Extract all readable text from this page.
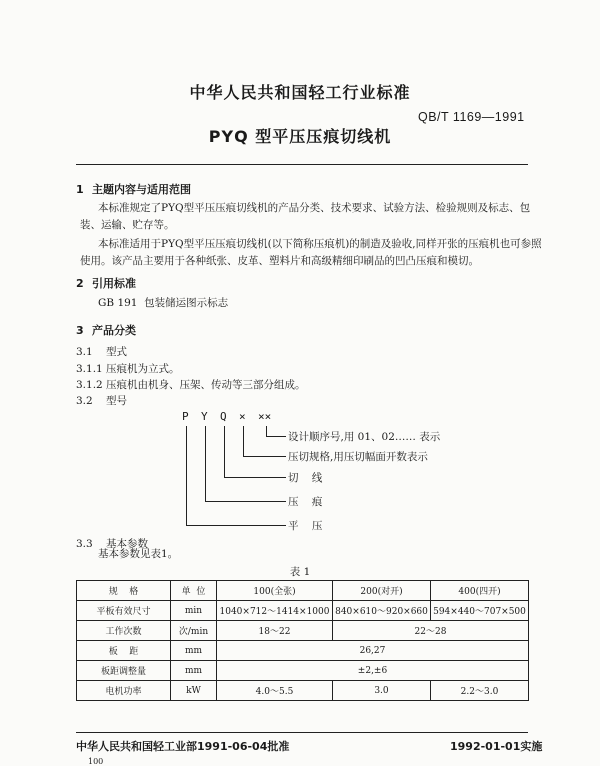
中华人民共和国轻工行业标准
QB/T 1169—1991
PYQ 型平压压痕切线机
1 主题内容与适用范围
本标准规定了PYQ型平压压痕切线机的产品分类、技术要求、试验方法、检验规则及标志、包装、运输、贮存等。
本标准适用于PYQ型平压压痕切线机(以下简称压痕机)的制造及验收,同样开张的压痕机也可参照使用。该产品主要用于各种纸张、皮革、塑料片和高级精细印刷品的凹凸压痕和模切。
2 引用标准
GB 191  包装储运图示标志
3 产品分类
3.1 型式
3.1.1 压痕机为立式。
3.1.2 压痕机由机身、压架、传动等三部分组成。
3.2 型号
P Y Q × ××
设计顺序号,用 01、02…… 表示
压切规格,用压切幅面开数表示
切    线
压    痕
平    压
3.3 基本参数
基本参数见表1。
表 1
规    格	单  位	100(全张)	200(对开)	400(四开)
平板有效尺寸	min	1040×712～1414×1000	840×610～920×660	594×440～707×500
工作次数	次/min	18～22	22～28	
板    距	mm	26,27		
板距调整量	mm	±2,±6		
电机功率	kW	4.0～5.5	3.0	2.2～3.0
中华人民共和国轻工业部1991-06-04批准	1992-01-01实施
100
